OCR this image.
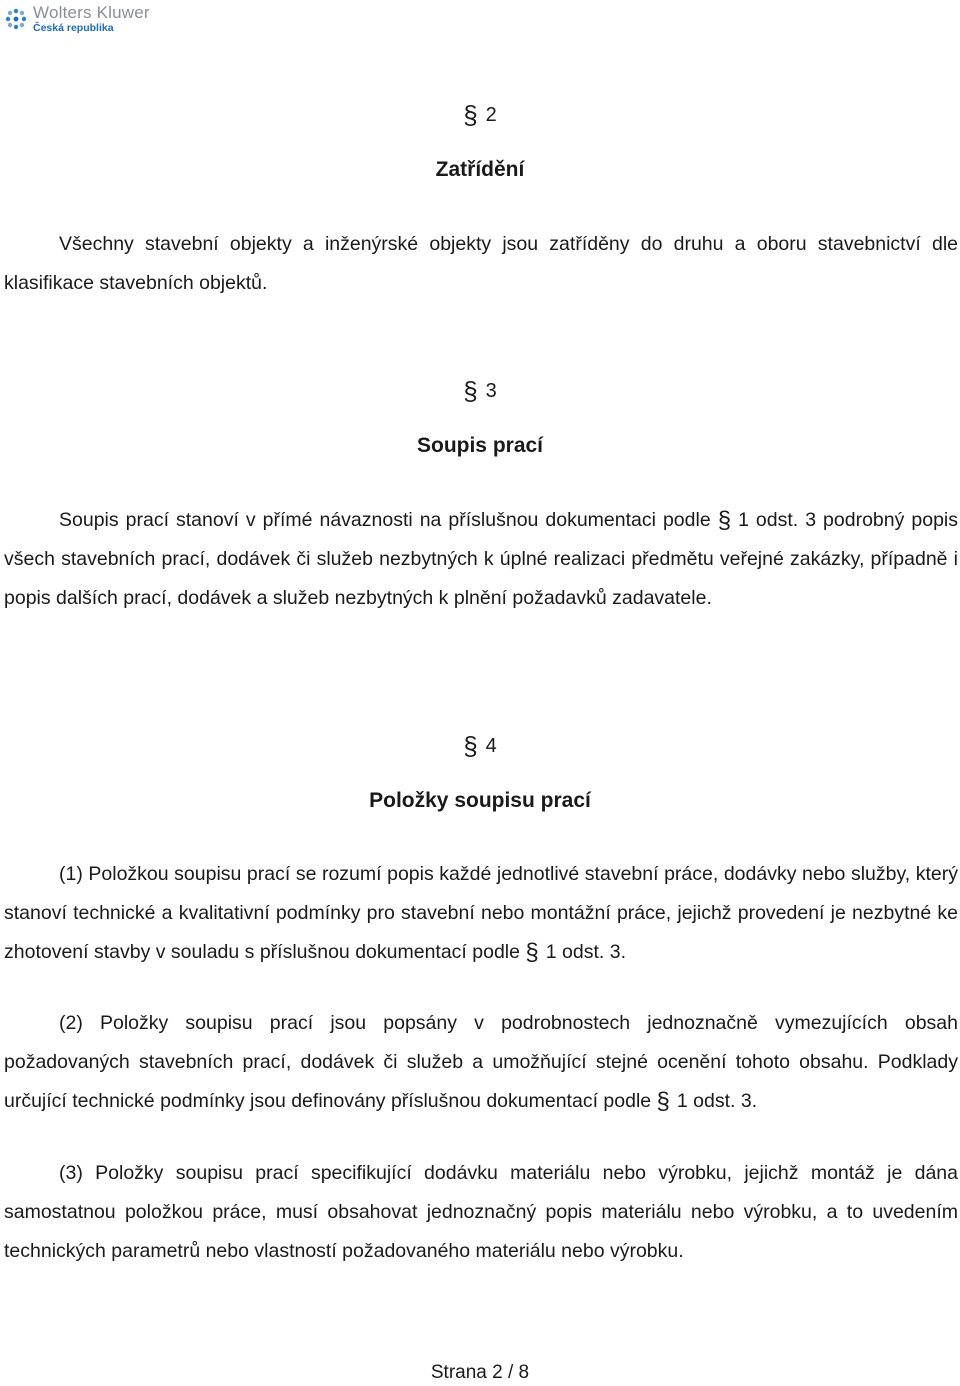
Wolters Kluwer
Česká republika
§ 2
Zatřídění

Všechny stavební objekty a inženýrské objekty jsou zatříděny do druhu a oboru stavebnictví dle klasifikace stavebních objektů.

§ 3
Soupis prací

Soupis prací stanoví v přímé návaznosti na příslušnou dokumentaci podle § 1 odst. 3 podrobný popis všech stavebních prací, dodávek či služeb nezbytných k úplné realizaci předmětu veřejné zakázky, případně i popis dalších prací, dodávek a služeb nezbytných k plnění požadavků zadavatele.

§ 4
Položky soupisu prací

(1) Položkou soupisu prací se rozumí popis každé jednotlivé stavební práce, dodávky nebo služby, který stanoví technické a kvalitativní podmínky pro stavební nebo montážní práce, jejichž provedení je nezbytné ke zhotovení stavby v souladu s příslušnou dokumentací podle § 1 odst. 3.

(2) Položky soupisu prací jsou popsány v podrobnostech jednoznačně vymezujících obsah požadovaných stavebních prací, dodávek či služeb a umožňující stejné ocenění tohoto obsahu. Podklady určující technické podmínky jsou definovány příslušnou dokumentací podle § 1 odst. 3.

(3) Položky soupisu prací specifikující dodávku materiálu nebo výrobku, jejichž montáž je dána samostatnou položkou práce, musí obsahovat jednoznačný popis materiálu nebo výrobku, a to uvedením technických parametrů nebo vlastností požadovaného materiálu nebo výrobku.

Strana 2 / 8
